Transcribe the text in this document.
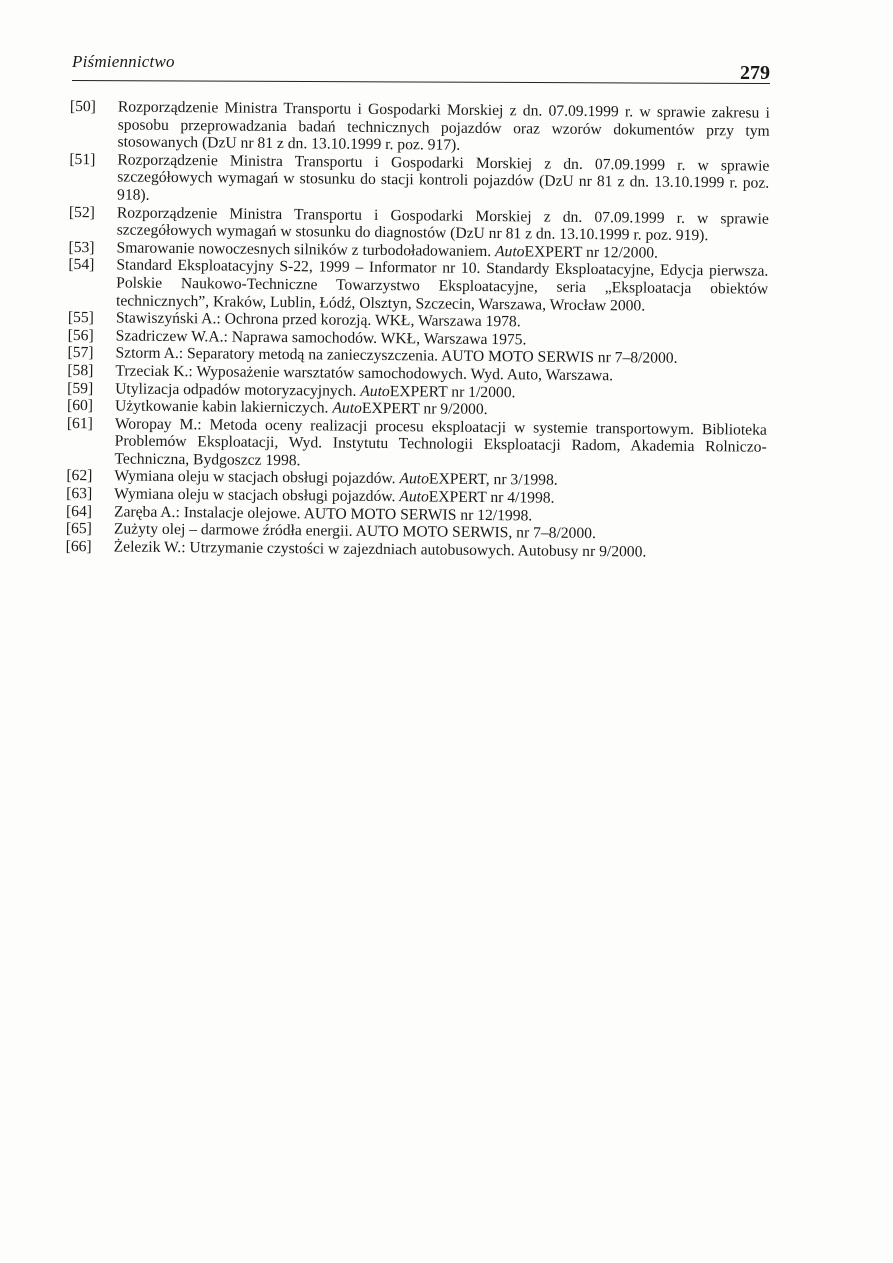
Piśmiennictwo
279
[50]	Rozporządzenie Ministra Transportu i Gospodarki Morskiej z dn. 07.09.1999 r. w sprawie zakresu i sposobu przeprowadzania badań technicznych pojazdów oraz wzorów dokumentów przy tym stosowanych (DzU nr 81 z dn. 13.10.1999 r. poz. 917).
[51]	Rozporządzenie Ministra Transportu i Gospodarki Morskiej z dn. 07.09.1999 r. w sprawie szczegółowych wymagań w stosunku do stacji kontroli pojazdów (DzU nr 81 z dn. 13.10.1999 r. poz. 918).
[52]	Rozporządzenie Ministra Transportu i Gospodarki Morskiej z dn. 07.09.1999 r. w sprawie szczegółowych wymagań w stosunku do diagnostów (DzU nr 81 z dn. 13.10.1999 r. poz. 919).
[53]	Smarowanie nowoczesnych silników z turbodoładowaniem. AutoEXPERT nr 12/2000.
[54]	Standard Eksploatacyjny S-22, 1999 – Informator nr 10. Standardy Eksploatacyjne, Edycja pierwsza. Polskie Naukowo-Techniczne Towarzystwo Eksploatacyjne, seria „Eksploatacja obiektów technicznych”, Kraków, Lublin, Łódź, Olsztyn, Szczecin, Warszawa, Wrocław 2000.
[55]	Stawiszyński A.: Ochrona przed korozją. WKŁ, Warszawa 1978.
[56]	Szadriczew W.A.: Naprawa samochodów. WKŁ, Warszawa 1975.
[57]	Sztorm A.: Separatory metodą na zanieczyszczenia. AUTO MOTO SERWIS nr 7–8/2000.
[58]	Trzeciak K.: Wyposażenie warsztatów samochodowych. Wyd. Auto, Warszawa.
[59]	Utylizacja odpadów motoryzacyjnych. AutoEXPERT nr 1/2000.
[60]	Użytkowanie kabin lakierniczych. AutoEXPERT nr 9/2000.
[61]	Woropay M.: Metoda oceny realizacji procesu eksploatacji w systemie transportowym. Biblioteka Problemów Eksploatacji, Wyd. Instytutu Technologii Eksploatacji Radom, Akademia Rolniczo-Techniczna, Bydgoszcz 1998.
[62]	Wymiana oleju w stacjach obsługi pojazdów. AutoEXPERT, nr 3/1998.
[63]	Wymiana oleju w stacjach obsługi pojazdów. AutoEXPERT nr 4/1998.
[64]	Zaręba A.: Instalacje olejowe. AUTO MOTO SERWIS nr 12/1998.
[65]	Zużyty olej – darmowe źródła energii. AUTO MOTO SERWIS, nr 7–8/2000.
[66]	Żelezik W.: Utrzymanie czystości w zajezdniach autobusowych. Autobusy nr 9/2000.
